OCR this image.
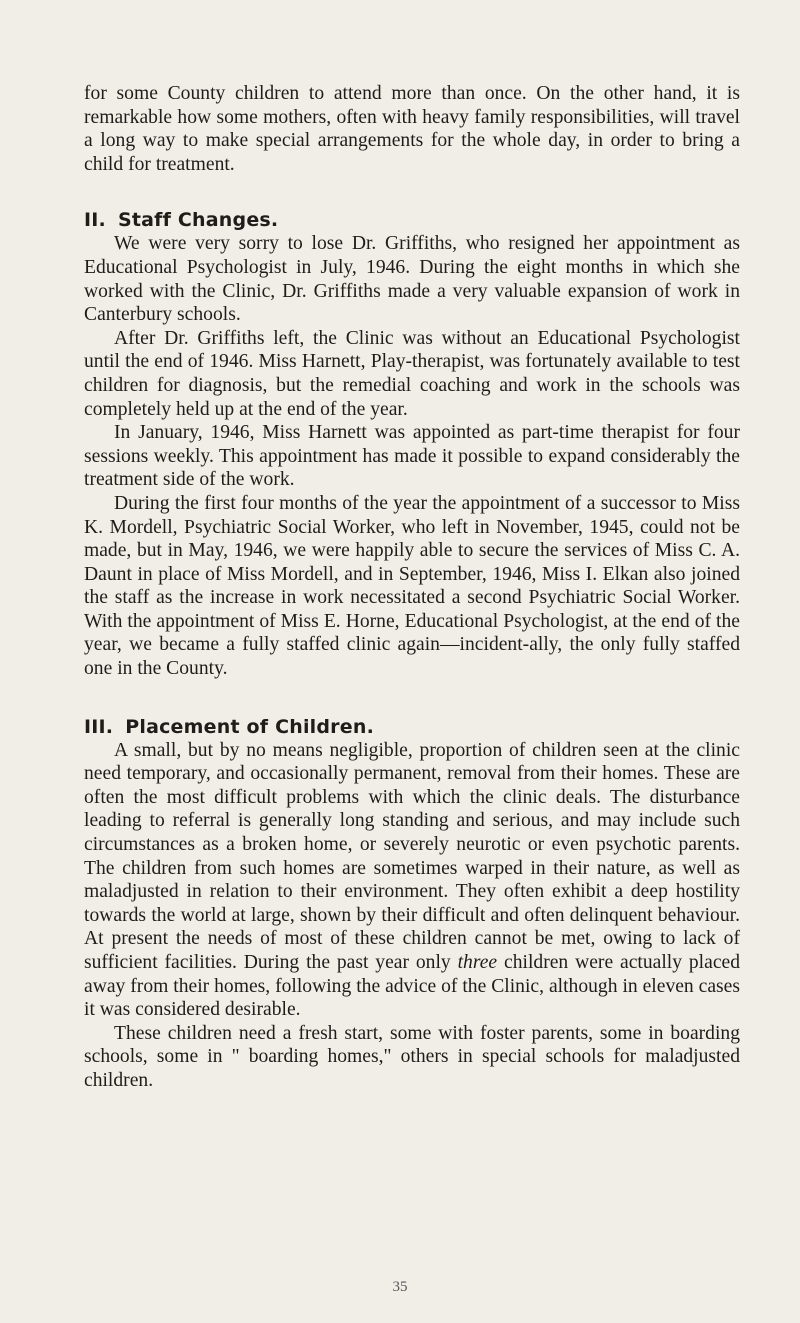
for some County children to attend more than once. On the other hand, it is remarkable how some mothers, often with heavy family responsibilities, will travel a long way to make special arrangements for the whole day, in order to bring a child for treatment.

II. Staff Changes.

We were very sorry to lose Dr. Griffiths, who resigned her appointment as Educational Psychologist in July, 1946. During the eight months in which she worked with the Clinic, Dr. Griffiths made a very valuable expansion of work in Canterbury schools.

After Dr. Griffiths left, the Clinic was without an Educational Psychologist until the end of 1946. Miss Harnett, Play-therapist, was fortunately available to test children for diagnosis, but the remedial coaching and work in the schools was completely held up at the end of the year.

In January, 1946, Miss Harnett was appointed as part-time therapist for four sessions weekly. This appointment has made it possible to expand considerably the treatment side of the work.

During the first four months of the year the appointment of a successor to Miss K. Mordell, Psychiatric Social Worker, who left in November, 1945, could not be made, but in May, 1946, we were happily able to secure the services of Miss C. A. Daunt in place of Miss Mordell, and in September, 1946, Miss I. Elkan also joined the staff as the increase in work necessitated a second Psychiatric Social Worker. With the appointment of Miss E. Horne, Educational Psychologist, at the end of the year, we became a fully staffed clinic again—incident-ally, the only fully staffed one in the County.

III. Placement of Children.

A small, but by no means negligible, proportion of children seen at the clinic need temporary, and occasionally permanent, removal from their homes. These are often the most difficult problems with which the clinic deals. The disturbance leading to referral is generally long standing and serious, and may include such circumstances as a broken home, or severely neurotic or even psychotic parents. The children from such homes are sometimes warped in their nature, as well as maladjusted in relation to their environment. They often exhibit a deep hostility towards the world at large, shown by their difficult and often delinquent behaviour. At present the needs of most of these children cannot be met, owing to lack of sufficient facilities. During the past year only three children were actually placed away from their homes, following the advice of the Clinic, although in eleven cases it was considered desirable.

These children need a fresh start, some with foster parents, some in boarding schools, some in " boarding homes," others in special schools for maladjusted children.

35
